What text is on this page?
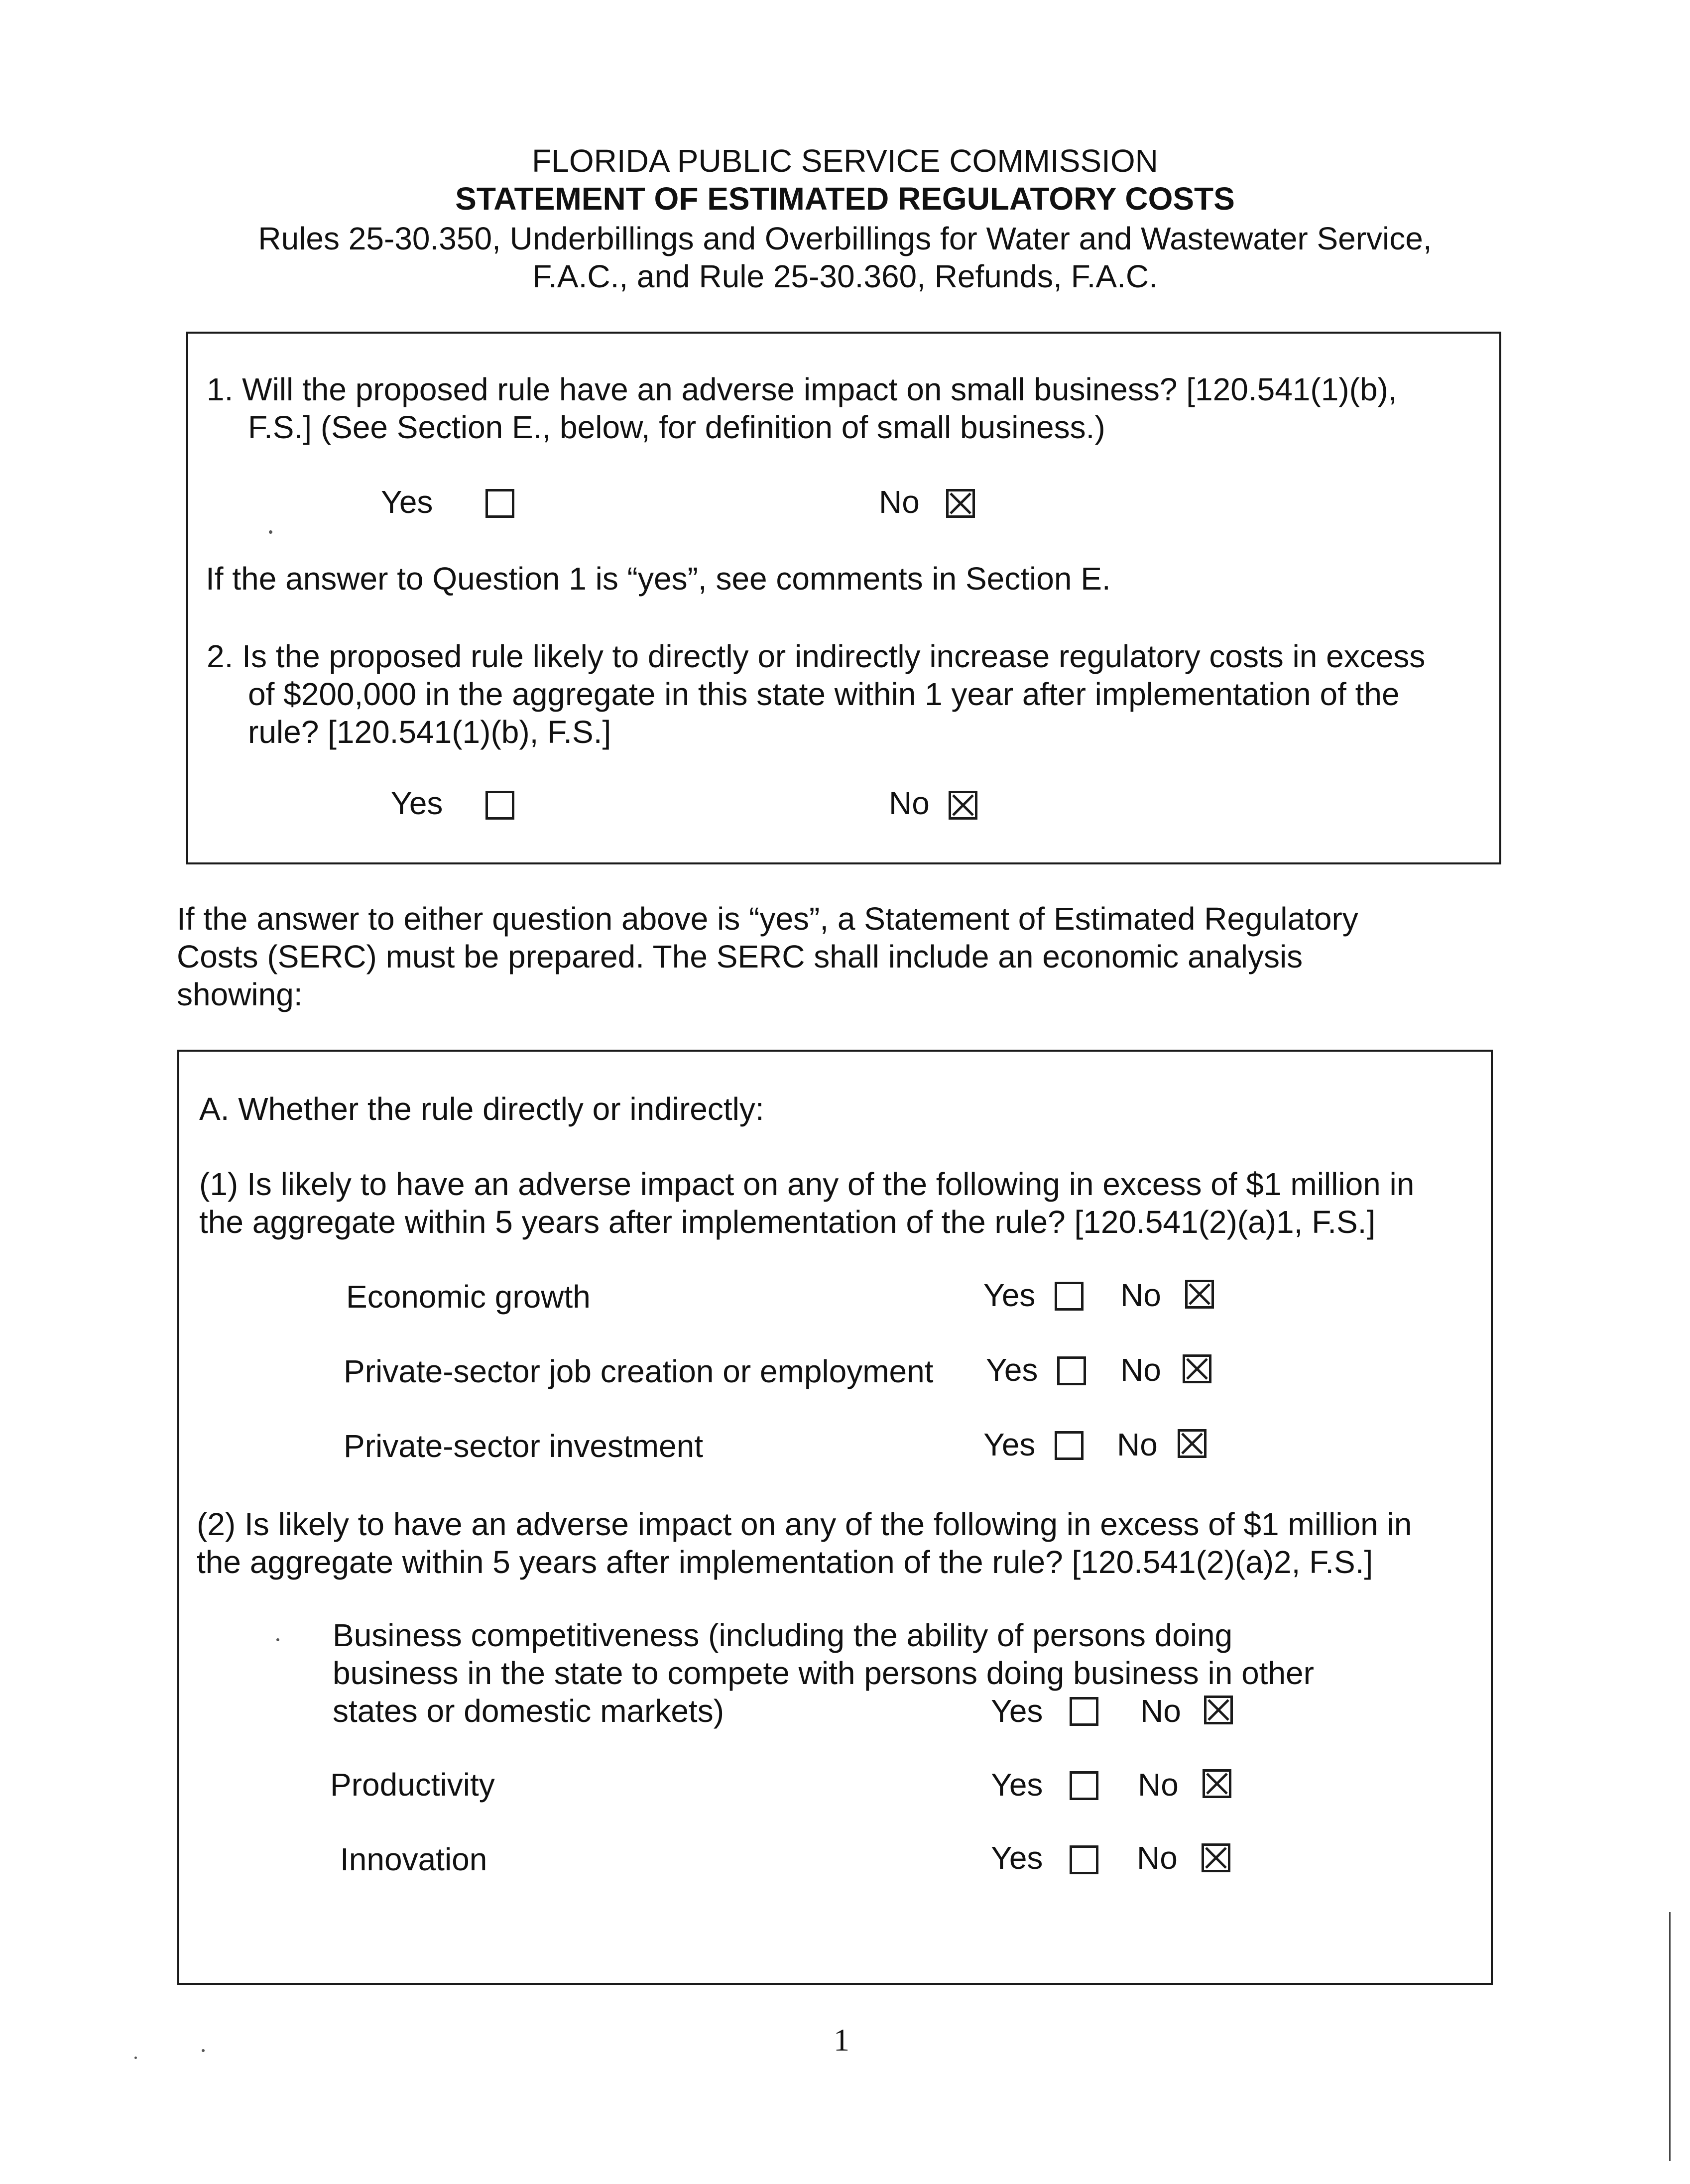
FLORIDA PUBLIC SERVICE COMMISSION
STATEMENT OF ESTIMATED REGULATORY COSTS
Rules 25-30.350, Underbillings and Overbillings for Water and Wastewater Service,
F.A.C., and Rule 25-30.360, Refunds, F.A.C.
1. Will the proposed rule have an adverse impact on small business? [120.541(1)(b),
F.S.] (See Section E., below, for definition of small business.)
Yes	No
If the answer to Question 1 is “yes”, see comments in Section E.
2. Is the proposed rule likely to directly or indirectly increase regulatory costs in excess
of $200,000 in the aggregate in this state within 1 year after implementation of the
rule? [120.541(1)(b), F.S.]
Yes	No
If the answer to either question above is “yes”, a Statement of Estimated Regulatory
Costs (SERC) must be prepared. The SERC shall include an economic analysis
showing:
A. Whether the rule directly or indirectly:
(1) Is likely to have an adverse impact on any of the following in excess of $1 million in
the aggregate within 5 years after implementation of the rule? [120.541(2)(a)1, F.S.]
Economic growth	Yes	No
Private-sector job creation or employment Yes	No
Private-sector investment	Yes	No
(2) Is likely to have an adverse impact on any of the following in excess of $1 million in
the aggregate within 5 years after implementation of the rule? [120.541(2)(a)2, F.S.]
Business competitiveness (including the ability of persons doing
business in the state to compete with persons doing business in other
states or domestic markets)	Yes	No
Productivity	Yes	No
Innovation	Yes	No
1
